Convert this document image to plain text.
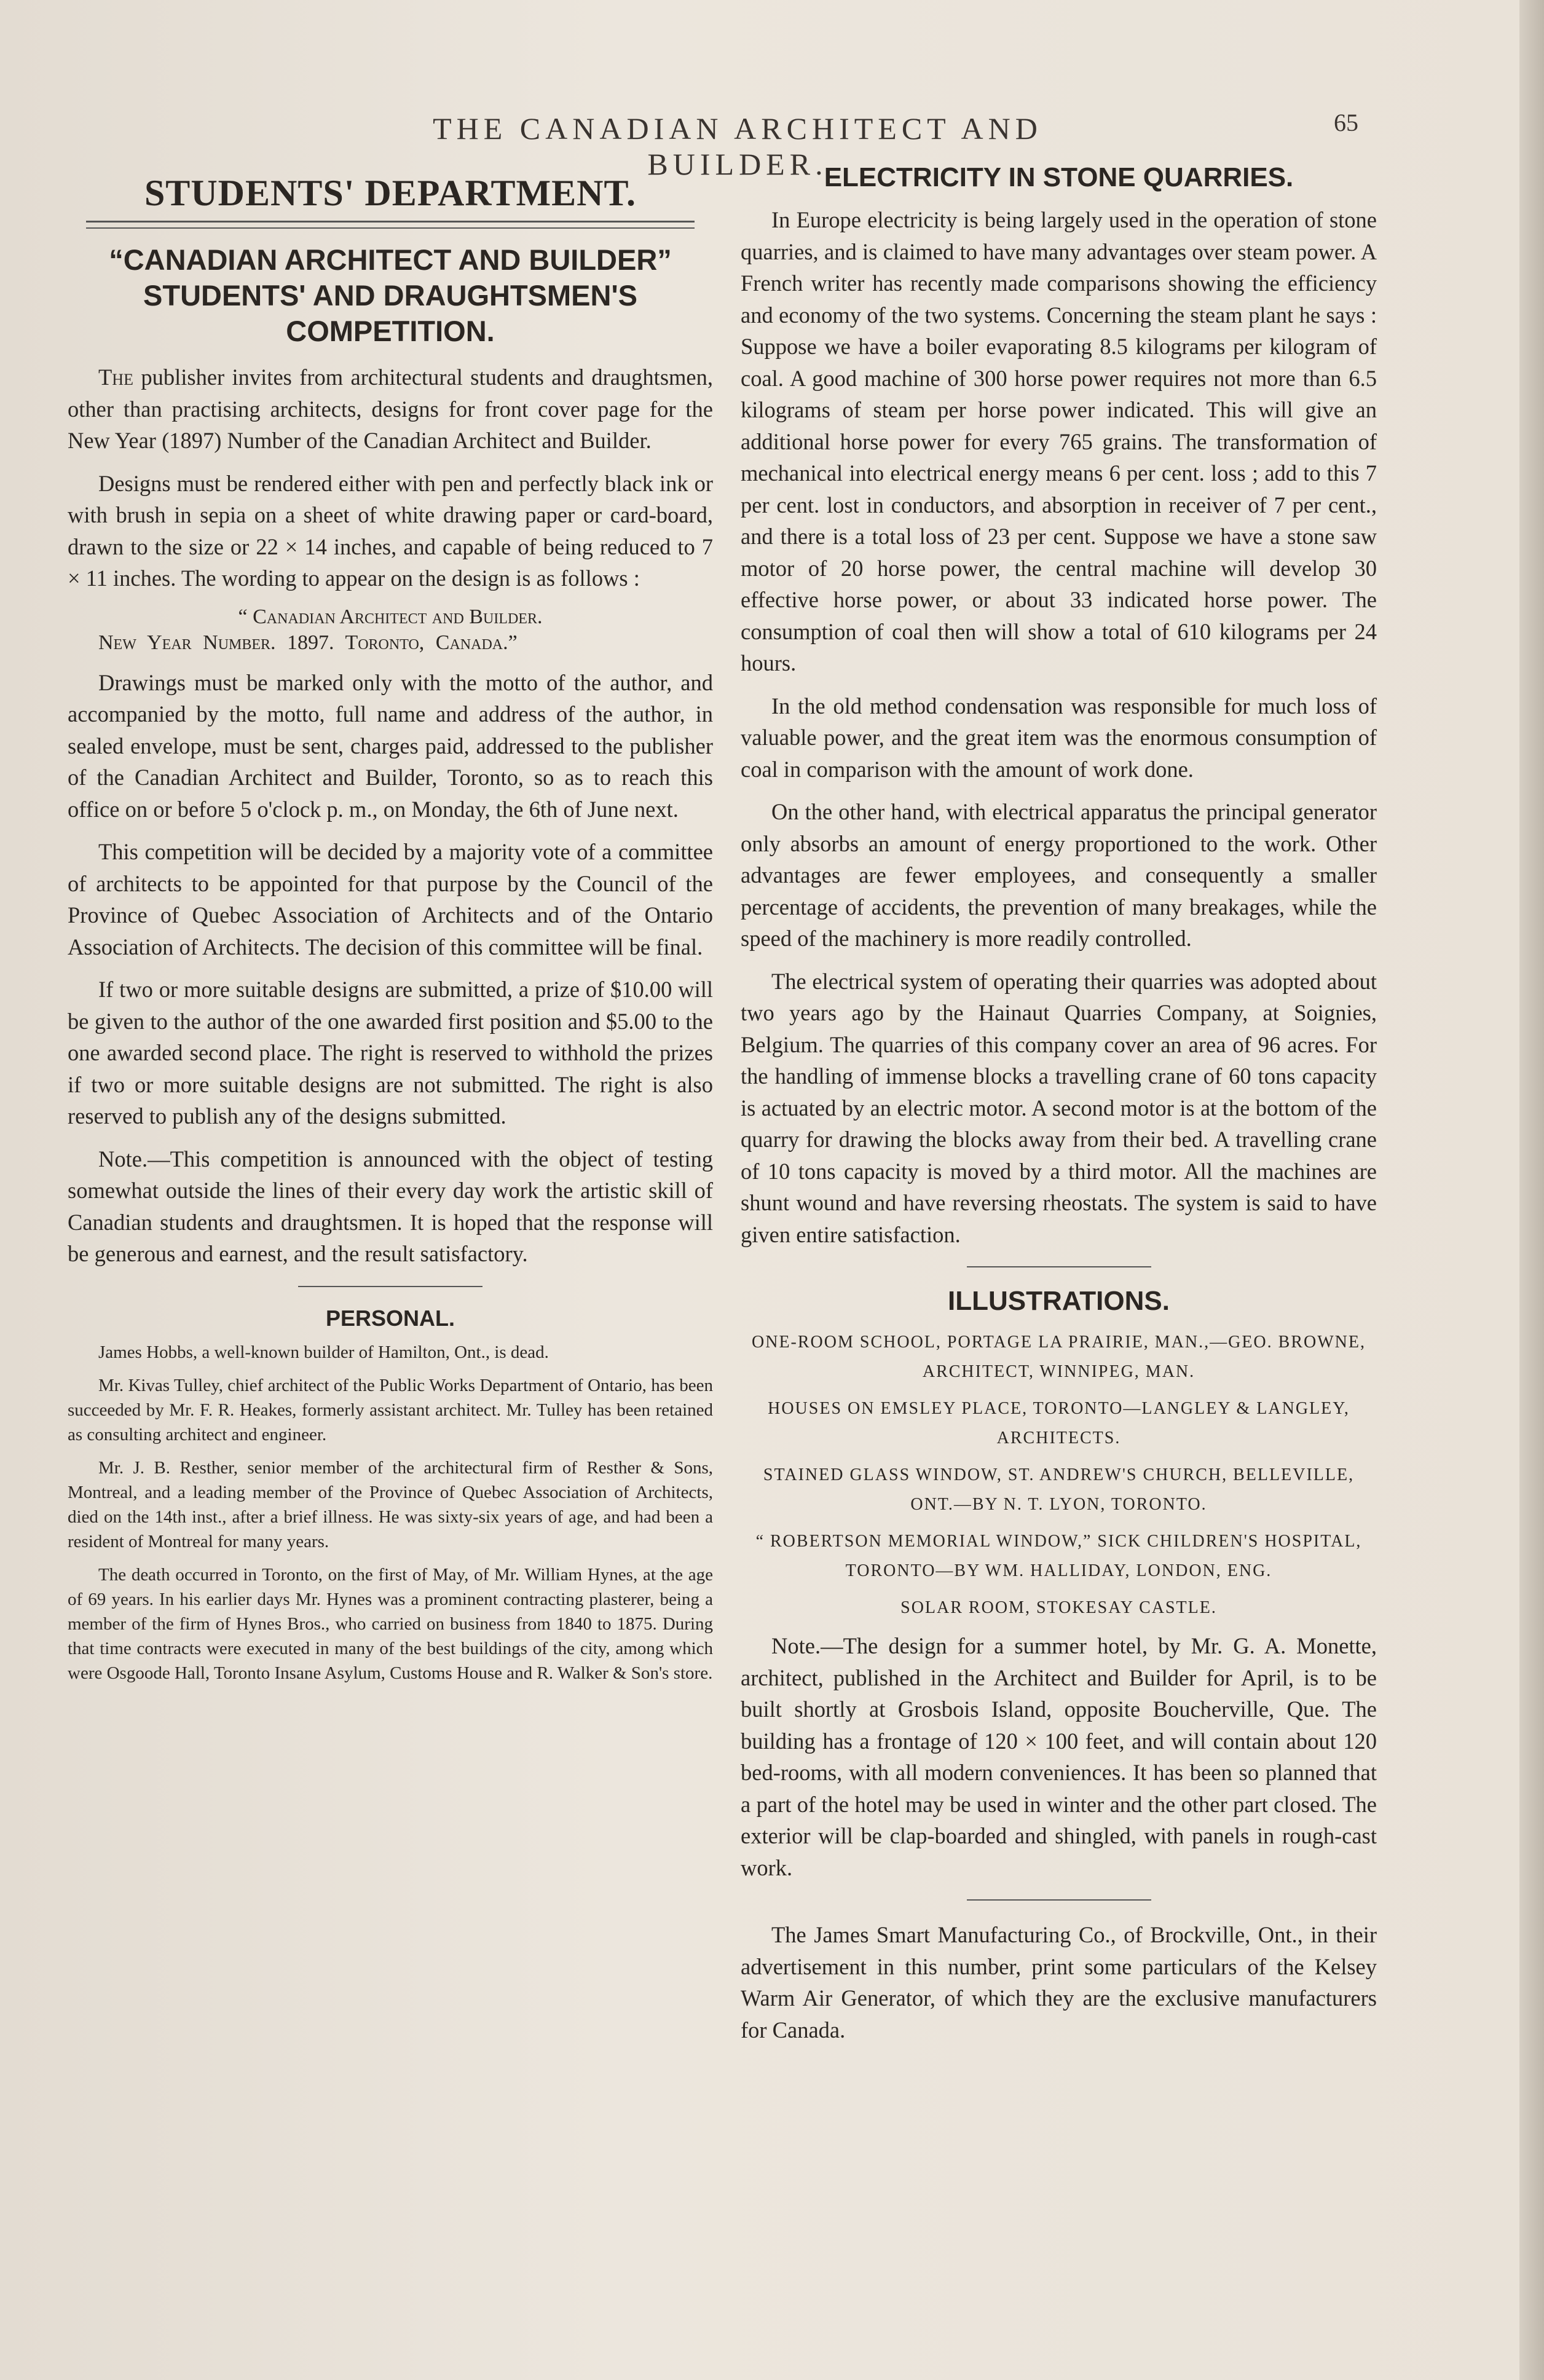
THE CANADIAN ARCHITECT AND BUILDER.
65
STUDENTS' DEPARTMENT.
“CANADIAN ARCHITECT AND BUILDER” STUDENTS' AND DRAUGHTSMEN'S COMPETITION.

The publisher invites from architectural students and draughtsmen, other than practising architects, designs for front cover page for the New Year (1897) Number of the Canadian Architect and Builder.

Designs must be rendered either with pen and perfectly black ink or with brush in sepia on a sheet of white drawing paper or card-board, drawn to the size or 22 × 14 inches, and capable of being reduced to 7 × 11 inches. The wording to appear on the design is as follows :

“ Canadian Architect and Builder.
New Year Number. 1897. Toronto, Canada.”

Drawings must be marked only with the motto of the author, and accompanied by the motto, full name and address of the author, in sealed envelope, must be sent, charges paid, addressed to the publisher of the Canadian Architect and Builder, Toronto, so as to reach this office on or before 5 o'clock p. m., on Monday, the 6th of June next.

This competition will be decided by a majority vote of a committee of architects to be appointed for that purpose by the Council of the Province of Quebec Association of Architects and of the Ontario Association of Architects. The decision of this committee will be final.

If two or more suitable designs are submitted, a prize of $10.00 will be given to the author of the one awarded first position and $5.00 to the one awarded second place. The right is reserved to withhold the prizes if two or more suitable designs are not submitted. The right is also reserved to publish any of the designs submitted.

Note.—This competition is announced with the object of testing somewhat outside the lines of their every day work the artistic skill of Canadian students and draughtsmen. It is hoped that the response will be generous and earnest, and the result satisfactory.

PERSONAL.

James Hobbs, a well-known builder of Hamilton, Ont., is dead.

Mr. Kivas Tulley, chief architect of the Public Works Department of Ontario, has been succeeded by Mr. F. R. Heakes, formerly assistant architect. Mr. Tulley has been retained as consulting architect and engineer.

Mr. J. B. Resther, senior member of the architectural firm of Resther & Sons, Montreal, and a leading member of the Province of Quebec Association of Architects, died on the 14th inst., after a brief illness. He was sixty-six years of age, and had been a resident of Montreal for many years.

The death occurred in Toronto, on the first of May, of Mr. William Hynes, at the age of 69 years. In his earlier days Mr. Hynes was a prominent contracting plasterer, being a member of the firm of Hynes Bros., who carried on business from 1840 to 1875. During that time contracts were executed in many of the best buildings of the city, among which were Osgoode Hall, Toronto Insane Asylum, Customs House and R. Walker & Son's store.

ELECTRICITY IN STONE QUARRIES.

In Europe electricity is being largely used in the operation of stone quarries, and is claimed to have many advantages over steam power. A French writer has recently made comparisons showing the efficiency and economy of the two systems. Concerning the steam plant he says : Suppose we have a boiler evaporating 8.5 kilograms per kilogram of coal. A good machine of 300 horse power requires not more than 6.5 kilograms of steam per horse power indicated. This will give an additional horse power for every 765 grains. The transformation of mechanical into electrical energy means 6 per cent. loss ; add to this 7 per cent. lost in conductors, and absorption in receiver of 7 per cent., and there is a total loss of 23 per cent. Suppose we have a stone saw motor of 20 horse power, the central machine will develop 30 effective horse power, or about 33 indicated horse power. The consumption of coal then will show a total of 610 kilograms per 24 hours.

In the old method condensation was responsible for much loss of valuable power, and the great item was the enormous consumption of coal in comparison with the amount of work done.

On the other hand, with electrical apparatus the principal generator only absorbs an amount of energy proportioned to the work. Other advantages are fewer employees, and consequently a smaller percentage of accidents, the prevention of many breakages, while the speed of the machinery is more readily controlled.

The electrical system of operating their quarries was adopted about two years ago by the Hainaut Quarries Company, at Soignies, Belgium. The quarries of this company cover an area of 96 acres. For the handling of immense blocks a travelling crane of 60 tons capacity is actuated by an electric motor. A second motor is at the bottom of the quarry for drawing the blocks away from their bed. A travelling crane of 10 tons capacity is moved by a third motor. All the machines are shunt wound and have reversing rheostats. The system is said to have given entire satisfaction.

ILLUSTRATIONS.
ONE-ROOM SCHOOL, PORTAGE LA PRAIRIE, MAN.,—GEO. BROWNE, ARCHITECT, WINNIPEG, MAN.
HOUSES ON EMSLEY PLACE, TORONTO—LANGLEY & LANGLEY, ARCHITECTS.
STAINED GLASS WINDOW, ST. ANDREW'S CHURCH, BELLEVILLE, ONT.—BY N. T. LYON, TORONTO.
“ ROBERTSON MEMORIAL WINDOW,” SICK CHILDREN'S HOSPITAL, TORONTO—BY WM. HALLIDAY, LONDON, ENG.
SOLAR ROOM, STOKESAY CASTLE.

Note.—The design for a summer hotel, by Mr. G. A. Monette, architect, published in the Architect and Builder for April, is to be built shortly at Grosbois Island, opposite Boucherville, Que. The building has a frontage of 120 × 100 feet, and will contain about 120 bed-rooms, with all modern conveniences. It has been so planned that a part of the hotel may be used in winter and the other part closed. The exterior will be clap-boarded and shingled, with panels in rough-cast work.

The James Smart Manufacturing Co., of Brockville, Ont., in their advertisement in this number, print some particulars of the Kelsey Warm Air Generator, of which they are the exclusive manufacturers for Canada.
